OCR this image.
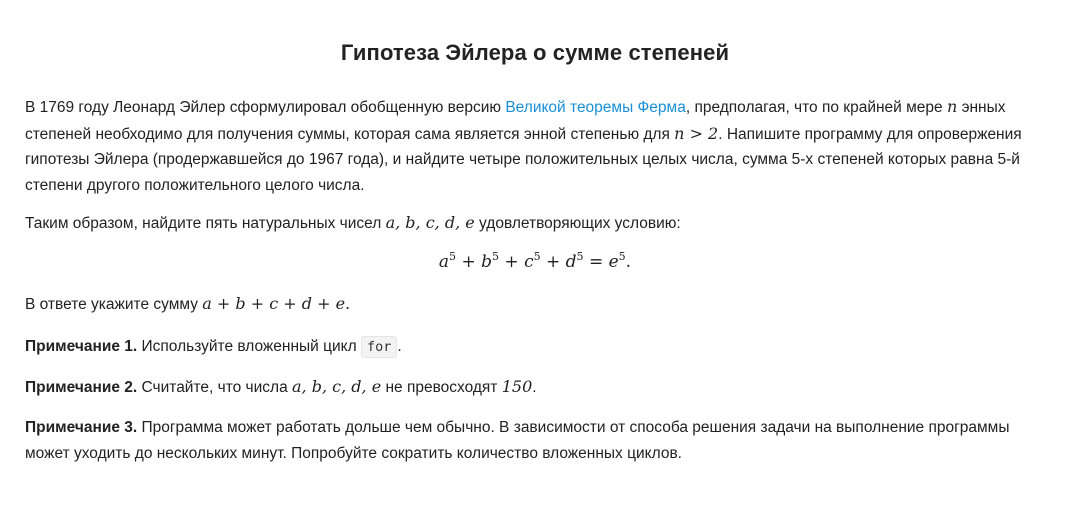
Гипотеза Эйлера о сумме степеней

В 1769 году Леонард Эйлер сформулировал обобщенную версию Великой теоремы Ферма, предполагая, что по крайней мере n энных степеней необходимо для получения суммы, которая сама является энной степенью для n > 2. Напишите программу для опровержения гипотезы Эйлера (продержавшейся до 1967 года), и найдите четыре положительных целых числа, сумма 5-х степеней которых равна 5-й степени другого положительного целого числа.

Таким образом, найдите пять натуральных чисел a, b, c, d, e удовлетворяющих условию:

$a^5 + b^5 + c^5 + d^5 = e^5$.

В ответе укажите сумму a + b + c + d + e.

Примечание 1. Используйте вложенный цикл for .

Примечание 2. Считайте, что числа a, b, c, d, e не превосходят 150.

Примечание 3. Программа может работать дольше чем обычно. В зависимости от способа решения задачи на выполнение программы может уходить до нескольких минут. Попробуйте сократить количество вложенных циклов.
